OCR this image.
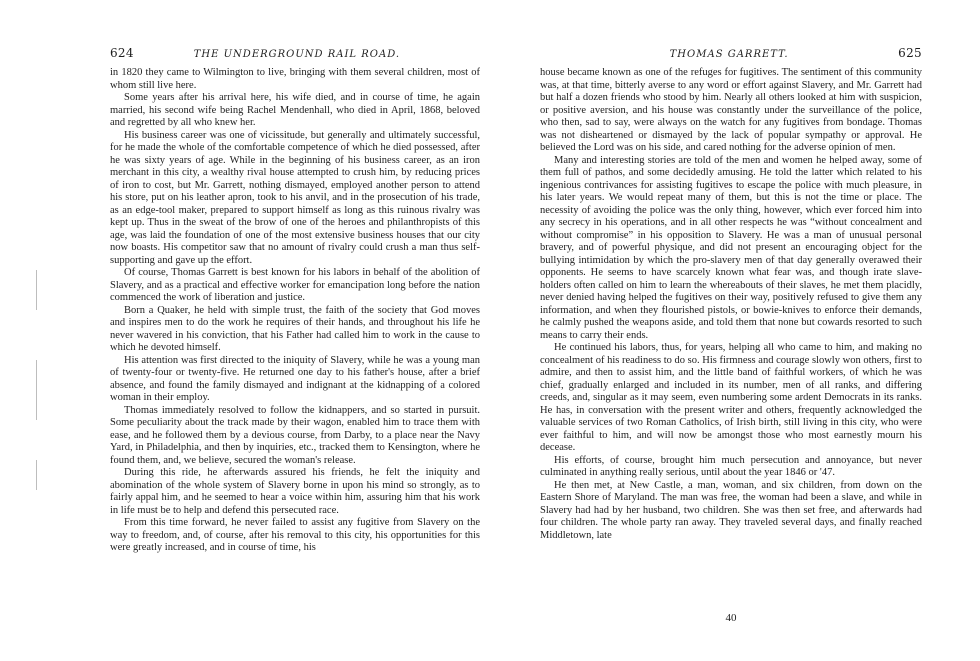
624	THE UNDERGROUND RAIL ROAD.

in 1820 they came to Wilmington to live, bringing with them several children, most of whom still live here.

Some years after his arrival here, his wife died, and in course of time, he again married, his second wife being Rachel Mendenhall, who died in April, 1868, beloved and regretted by all who knew her.

His business career was one of vicissitude, but generally and ultimately successful, for he made the whole of the comfortable competence of which he died possessed, after he was sixty years of age. While in the beginning of his business career, as an iron merchant in this city, a wealthy rival house attempted to crush him, by reducing prices of iron to cost, but Mr. Garrett, nothing dismayed, employed another person to attend his store, put on his leather apron, took to his anvil, and in the prosecution of his trade, as an edge-tool maker, prepared to support himself as long as this ruinous rivalry was kept up. Thus in the sweat of the brow of one of the heroes and philanthropists of this age, was laid the foundation of one of the most extensive business houses that our city now boasts. His competitor saw that no amount of rivalry could crush a man thus self-supporting and gave up the effort.

Of course, Thomas Garrett is best known for his labors in behalf of the abolition of Slavery, and as a practical and effective worker for emancipation long before the nation commenced the work of liberation and justice.

Born a Quaker, he held with simple trust, the faith of the society that God moves and inspires men to do the work he requires of their hands, and throughout his life he never wavered in his conviction, that his Father had called him to work in the cause to which he devoted himself.

His attention was first directed to the iniquity of Slavery, while he was a young man of twenty-four or twenty-five. He returned one day to his father's house, after a brief absence, and found the family dismayed and indignant at the kidnapping of a colored woman in their employ.

Thomas immediately resolved to follow the kidnappers, and so started in pursuit. Some peculiarity about the track made by their wagon, enabled him to trace them with ease, and he followed them by a devious course, from Darby, to a place near the Navy Yard, in Philadelphia, and then by inquiries, etc., tracked them to Kensington, where he found them, and, we believe, secured the woman's release.

During this ride, he afterwards assured his friends, he felt the iniquity and abomination of the whole system of Slavery borne in upon his mind so strongly, as to fairly appal him, and he seemed to hear a voice within him, assuring him that his work in life must be to help and defend this persecuted race.

From this time forward, he never failed to assist any fugitive from Slavery on the way to freedom, and, of course, after his removal to this city, his opportunities for this were greatly increased, and in course of time, his

THOMAS GARRETT.	625

house became known as one of the refuges for fugitives. The sentiment of this community was, at that time, bitterly averse to any word or effort against Slavery, and Mr. Garrett had but half a dozen friends who stood by him. Nearly all others looked at him with suspicion, or positive aversion, and his house was constantly under the surveillance of the police, who then, sad to say, were always on the watch for any fugitives from bondage. Thomas was not disheartened or dismayed by the lack of popular sympathy or approval. He believed the Lord was on his side, and cared nothing for the adverse opinion of men.

Many and interesting stories are told of the men and women he helped away, some of them full of pathos, and some decidedly amusing. He told the latter which related to his ingenious contrivances for assisting fugitives to escape the police with much pleasure, in his later years. We would repeat many of them, but this is not the time or place. The necessity of avoiding the police was the only thing, however, which ever forced him into any secrecy in his operations, and in all other respects he was “without concealment and without compromise” in his opposition to Slavery. He was a man of unusual personal bravery, and of powerful physique, and did not present an encouraging object for the bullying intimidation by which the pro-slavery men of that day generally overawed their opponents. He seems to have scarcely known what fear was, and though irate slave-holders often called on him to learn the whereabouts of their slaves, he met them placidly, never denied having helped the fugitives on their way, positively refused to give them any information, and when they flourished pistols, or bowie-knives to enforce their demands, he calmly pushed the weapons aside, and told them that none but cowards resorted to such means to carry their ends.

He continued his labors, thus, for years, helping all who came to him, and making no concealment of his readiness to do so. His firmness and courage slowly won others, first to admire, and then to assist him, and the little band of faithful workers, of which he was chief, gradually enlarged and included in its number, men of all ranks, and differing creeds, and, singular as it may seem, even numbering some ardent Democrats in its ranks. He has, in conversation with the present writer and others, frequently acknowledged the valuable services of two Roman Catholics, of Irish birth, still living in this city, who were ever faithful to him, and will now be amongst those who most earnestly mourn his decease.

His efforts, of course, brought him much persecution and annoyance, but never culminated in anything really serious, until about the year 1846 or '47.

He then met, at New Castle, a man, woman, and six children, from down on the Eastern Shore of Maryland. The man was free, the woman had been a slave, and while in Slavery had had by her husband, two children. She was then set free, and afterwards had four children. The whole party ran away. They traveled several days, and finally reached Middletown, late

40
